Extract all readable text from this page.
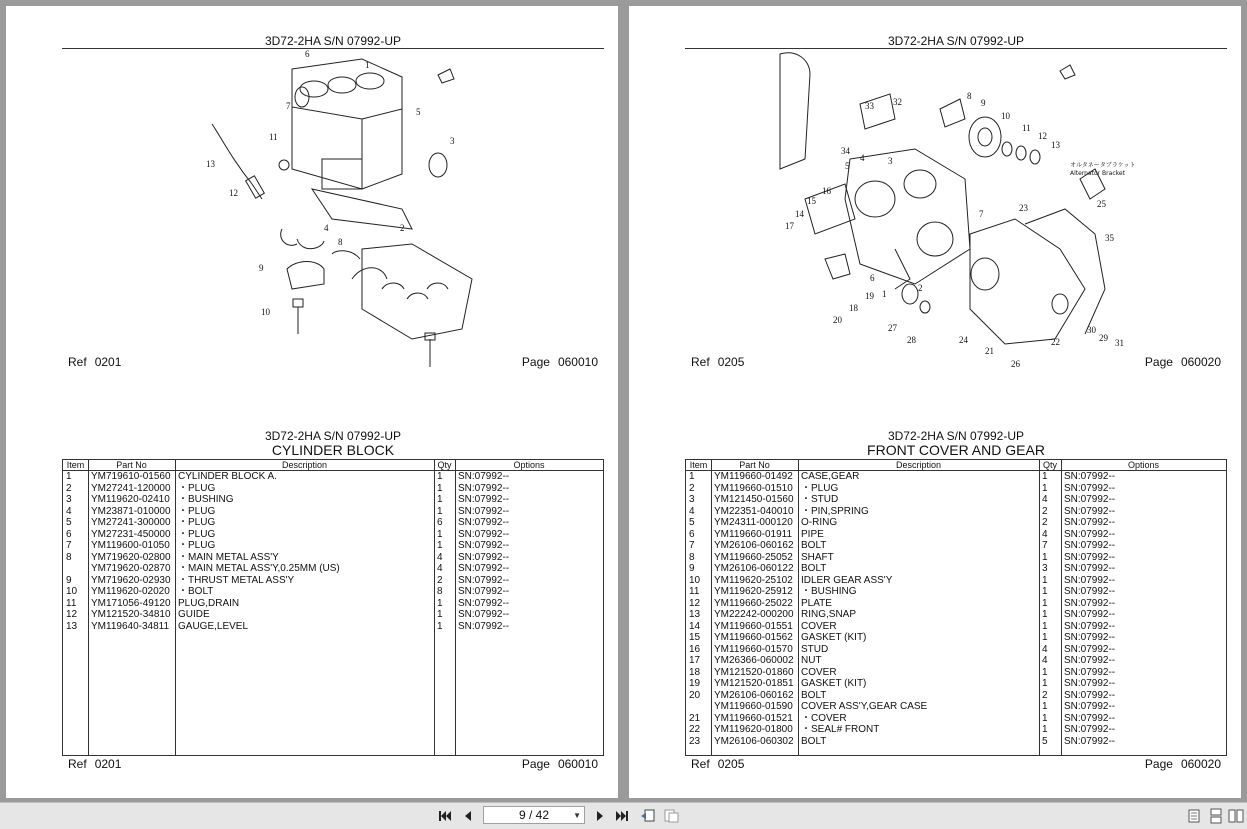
3D72-2HA S/N 07992-UP
1
2
3
4
5
6
7
8
9
10
11
12
13
Ref 0201	Page 060010
3D72-2HA S/N 07992-UP
CYLINDER BLOCK
Item	Part No	Description	Qty	Options
1	YM719610-01560	CYLINDER BLOCK A.	1	SN:07992--
2	YM27241-120000	・PLUG	1	SN:07992--
3	YM119620-02410	・BUSHING	1	SN:07992--
4	YM23871-010000	・PLUG	1	SN:07992--
5	YM27241-300000	・PLUG	6	SN:07992--
6	YM27231-450000	・PLUG	1	SN:07992--
7	YM119600-01050	・PLUG	1	SN:07992--
8	YM719620-02800	・MAIN METAL ASS'Y	4	SN:07992--
	YM719620-02870	・MAIN METAL ASS'Y,0.25MM (US)	4	SN:07992--
9	YM719620-02930	・THRUST METAL ASS'Y	2	SN:07992--
10	YM119620-02020	・BOLT	8	SN:07992--
11	YM171056-49120	PLUG,DRAIN	1	SN:07992--
12	YM121520-34810	GUIDE	1	SN:07992--
13	YM119640-34811	GAUGE,LEVEL	1	SN:07992--
Ref 0201	Page 060010
3D72-2HA S/N 07992-UP
1
2
3
4
5
6
7
8
9
10
11
12
13
14
15
16
17
18
19
20
21
22
23
24
25
26
27
28	29
30
31
32
33
34
35
オルタネータブラケット
Alternator Bracket
Ref 0205	Page 060020
3D72-2HA S/N 07992-UP
FRONT COVER AND GEAR
Item	Part No	Description	Qty	Options
1	YM119660-01492	CASE,GEAR	1	SN:07992--
2	YM119660-01510	・PLUG	1	SN:07992--
3	YM121450-01560	・STUD	4	SN:07992--
4	YM22351-040010	・PIN,SPRING	2	SN:07992--
5	YM24311-000120	O-RING	2	SN:07992--
6	YM119660-01911	PIPE	4	SN:07992--
7	YM26106-060162	BOLT	7	SN:07992--
8	YM119660-25052	SHAFT	1	SN:07992--
9	YM26106-060122	BOLT	3	SN:07992--
10	YM119620-25102	IDLER GEAR ASS'Y	1	SN:07992--
11	YM119620-25912	・BUSHING	1	SN:07992--
12	YM119660-25022	PLATE	1	SN:07992--
13	YM22242-000200	RING,SNAP	1	SN:07992--
14	YM119660-01551	COVER	1	SN:07992--
15	YM119660-01562	GASKET (KIT)	1	SN:07992--
16	YM119660-01570	STUD	4	SN:07992--
17	YM26366-060002	NUT	4	SN:07992--
18	YM121520-01860	COVER	1	SN:07992--
19	YM121520-01851	GASKET (KIT)	1	SN:07992--
20	YM26106-060162	BOLT	2	SN:07992--
	YM119660-01590	COVER ASS'Y,GEAR CASE	1	SN:07992--
21	YM119660-01521	・COVER	1	SN:07992--
22	YM119620-01800	・SEAL# FRONT	1	SN:07992--
23	YM26106-060302	BOLT	5	SN:07992--
Ref 0205	Page 060020
9 / 42	▼
